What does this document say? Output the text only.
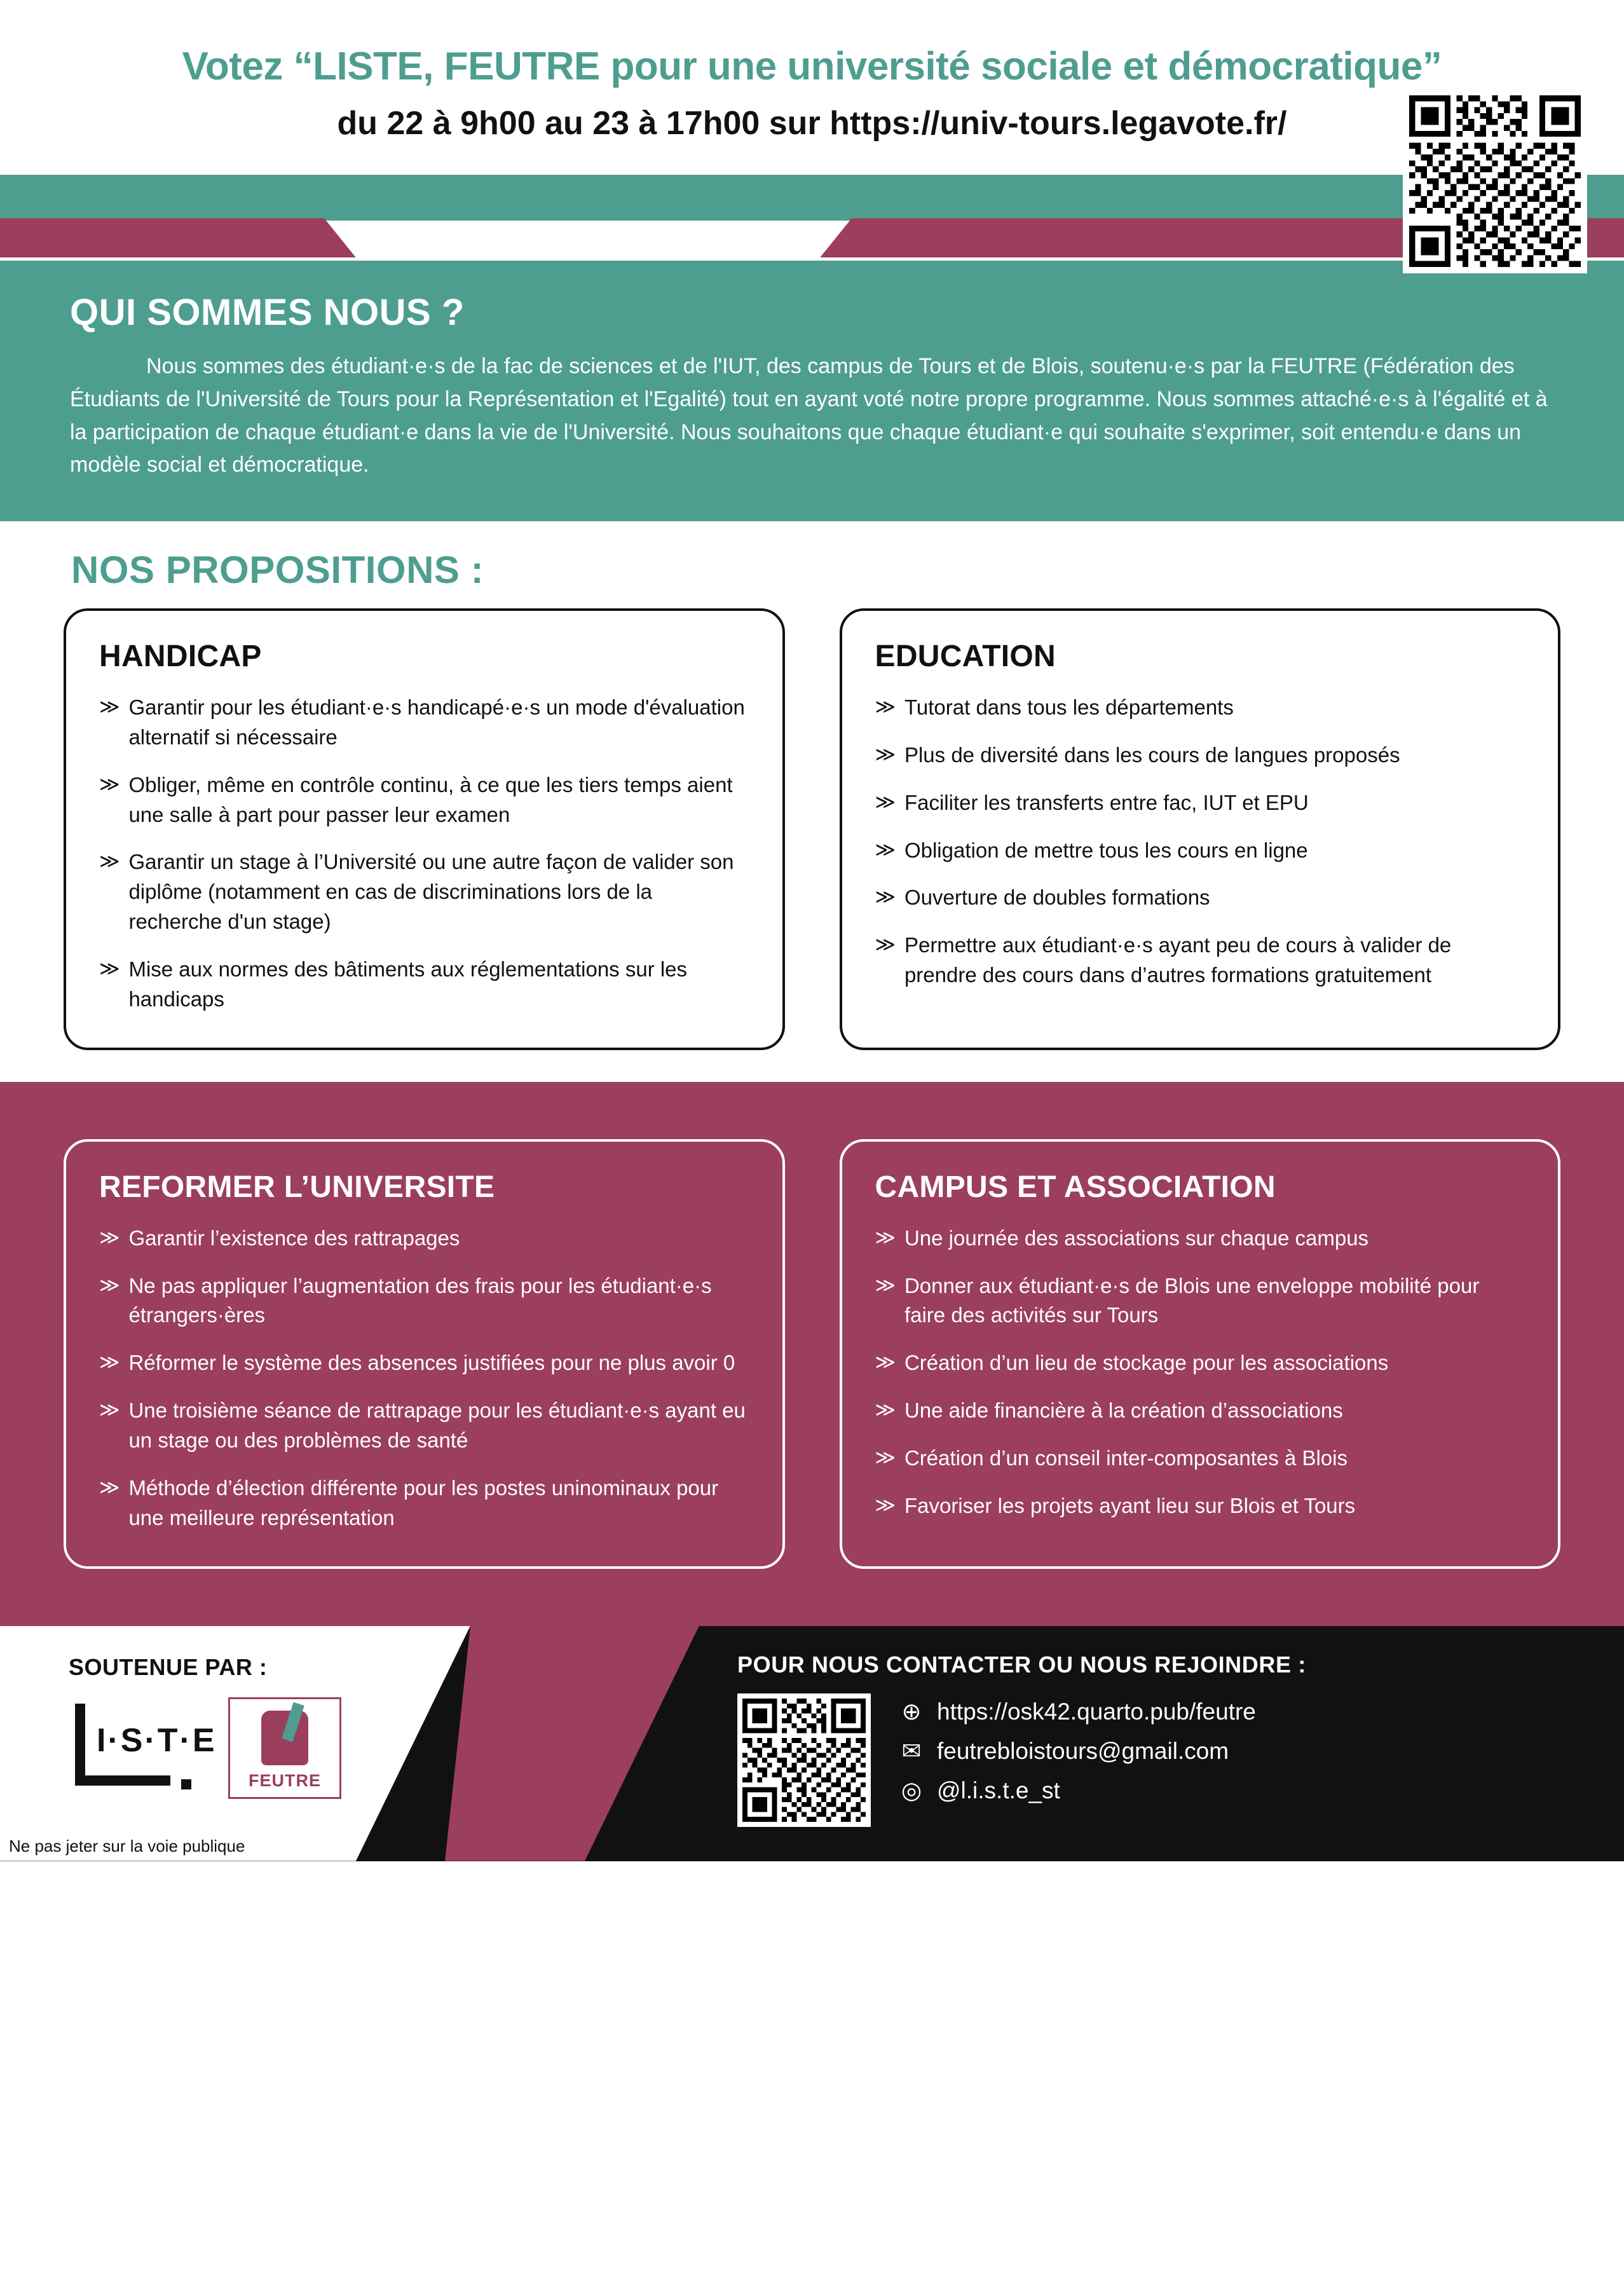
Votez “LISTE, FEUTRE pour une université sociale et démocratique”
du 22 à 9h00 au 23 à 17h00 sur https://univ-tours.legavote.fr/
QUI SOMMES NOUS ?

Nous sommes des étudiant·e·s de la fac de sciences et de l'IUT, des campus de Tours et de Blois, soutenu·e·s par la FEUTRE (Fédération des Étudiants de l'Université de Tours pour la Représentation et l'Egalité) tout en ayant voté notre propre programme. Nous sommes attaché·e·s à l'égalité et à la participation de chaque étudiant·e dans la vie de l'Université. Nous souhaitons que chaque étudiant·e qui souhaite s'exprimer, soit entendu·e dans un modèle social et démocratique.

NOS PROPOSITIONS :
HANDICAP
≫ Garantir pour les étudiant·e·s handicapé·e·s un mode d'évaluation alternatif si nécessaire
≫ Obliger, même en contrôle continu, à ce que les tiers temps aient une salle à part pour passer leur examen
≫ Garantir un stage à l’Université ou une autre façon de valider son diplôme (notamment en cas de discriminations lors de la recherche d'un stage)
≫ Mise aux normes des bâtiments aux réglementations sur les handicaps
EDUCATION
≫ Tutorat dans tous les départements
≫ Plus de diversité dans les cours de langues proposés
≫ Faciliter les transferts entre fac, IUT et EPU
≫ Obligation de mettre tous les cours en ligne
≫ Ouverture de doubles formations
≫ Permettre aux étudiant·e·s ayant peu de cours à valider de prendre des cours dans d’autres formations gratuitement
REFORMER L’UNIVERSITE
≫ Garantir l’existence des rattrapages
≫ Ne pas appliquer l’augmentation des frais pour les étudiant·e·s étrangers·ères
≫ Réformer le système des absences justifiées pour ne plus avoir 0
≫ Une troisième séance de rattrapage pour les étudiant·e·s ayant eu un stage ou des problèmes de santé
≫ Méthode d’élection différente pour les postes uninominaux pour une meilleure représentation
CAMPUS ET ASSOCIATION
≫ Une journée des associations sur chaque campus
≫ Donner aux étudiant·e·s de Blois une enveloppe mobilité pour faire des activités sur Tours
≫ Création d’un lieu de stockage pour les associations
≫ Une aide financière à la création d’associations
≫ Création d’un conseil inter-composantes à Blois
≫ Favoriser les projets ayant lieu sur Blois et Tours
SOUTENUE PAR :
I·S·T·E
FEUTRE
POUR NOUS CONTACTER OU NOUS REJOINDRE :
⊕ https://osk42.quarto.pub/feutre
✉ feutrebloistours@gmail.com
◎ @l.i.s.t.e_st
Ne pas jeter sur la voie publique
